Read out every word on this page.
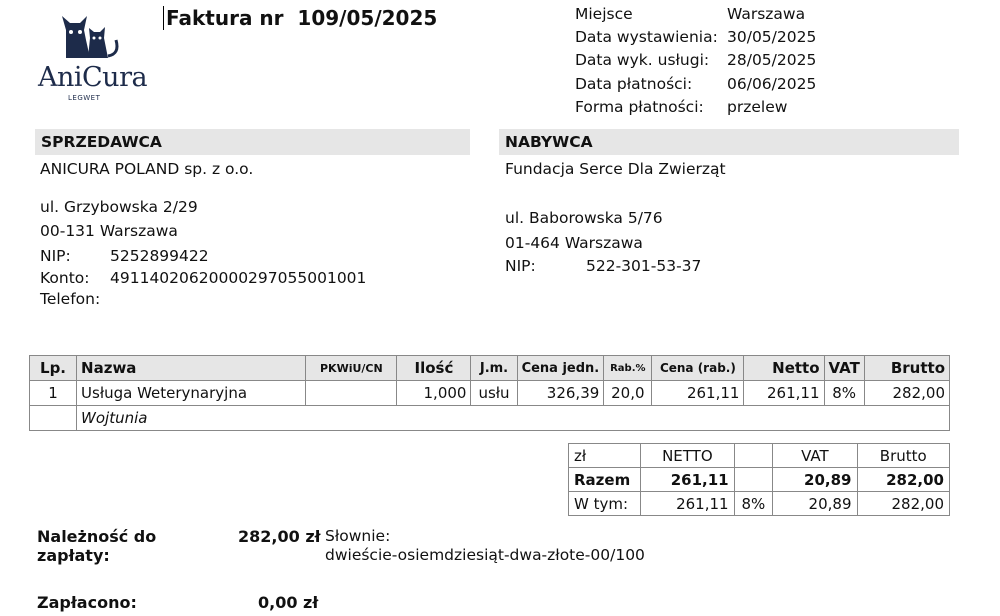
AniCura
LEGWET
Faktura nr  109/05/2025	Miejsce	Warszawa
Data wystawienia: 30/05/2025
Data wyk. usługi: 28/05/2025
Data płatności: 06/06/2025
Forma płatności: przelew
SPRZEDAWCA
ANICURA POLAND sp. z o.o.
ul. Grzybowska 2/29
00-131 Warszawa
NIP:	5252899422
Konto: 49114020620000297055001001
Telefon:
NABYWCA
Fundacja Serce Dla Zwierząt
ul. Baborowska 5/76
01-464 Warszawa
NIP:	522-301-53-37
Lp.	Nazwa	PKWiU/CN	Ilość	J.m.	Cena jedn.	Rab.%	Cena (rab.)	Netto	VAT	Brutto
1	Usługa Weterynaryjna		1,000	usłu	326,39	20,0	261,11	261,11	8%	282,00
	Wojtunia									
zł	NETTO		VAT	Brutto
Razem	261,11		20,89	282,00
W tym:	261,11	8%	20,89	282,00
Należność do
zapłaty:
282,00 zł Słownie:
dwieście-osiemdziesiąt-dwa-złote-00/100
Zapłacono:	0,00 zł
